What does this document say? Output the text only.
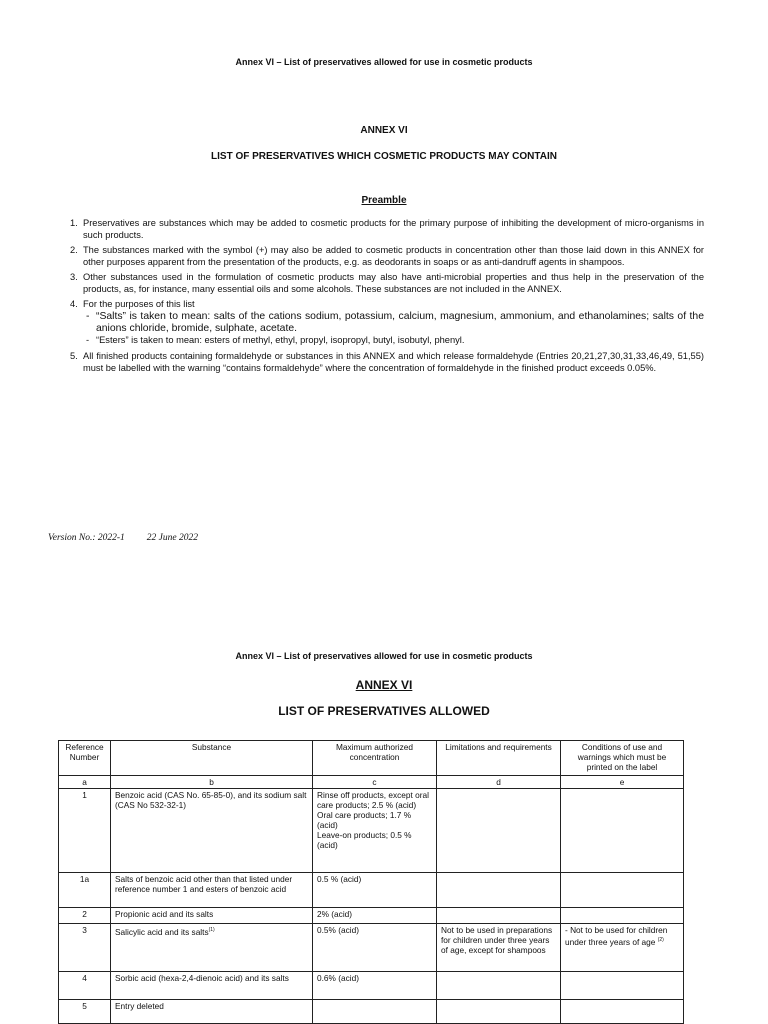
Annex VI – List of preservatives allowed for use in cosmetic products
ANNEX VI
LIST OF PRESERVATIVES WHICH COSMETIC PRODUCTS MAY CONTAIN
Preamble
1. Preservatives are substances which may be added to cosmetic products for the primary purpose of inhibiting the development of micro-organisms in such products.
2. The substances marked with the symbol (+) may also be added to cosmetic products in concentration other than those laid down in this ANNEX for other purposes apparent from the presentation of the products, e.g. as deodorants in soaps or as anti-dandruff agents in shampoos.
3. Other substances used in the formulation of cosmetic products may also have anti-microbial properties and thus help in the preservation of the products, as, for instance, many essential oils and some alcohols. These substances are not included in the ANNEX.
4. For the purposes of this list
- “Salts” is taken to mean: salts of the cations sodium, potassium, calcium, magnesium, ammonium, and ethanolamines; salts of the anions chloride, bromide, sulphate, acetate.
- “Esters” is taken to mean: esters of methyl, ethyl, propyl, isopropyl, butyl, isobutyl, phenyl.
5. All finished products containing formaldehyde or substances in this ANNEX and which release formaldehyde (Entries 20,21,27,30,31,33,46,49, 51,55) must be labelled with the warning “contains formaldehyde” where the concentration of formaldehyde in the finished product exceeds 0.05%.
Version No.: 2022-1 22 June 2022
Annex VI – List of preservatives allowed for use in cosmetic products
ANNEX VI
LIST OF PRESERVATIVES ALLOWED
Reference Number	Substance	Maximum authorized concentration	Limitations and requirements	Conditions of use and warnings which must be printed on the label
a	b	c	d	e
1	Benzoic acid (CAS No. 65-85-0), and its sodium salt (CAS No 532-32-1)	Rinse off products, except oral care products; 2.5 % (acid)

Oral care products; 1.7 % (acid)

Leave-on products; 0.5 % (acid)		

1a	Salts of benzoic acid other than that listed under reference number 1 and esters of benzoic acid	0.5 % (acid)		
2	Propionic acid and its salts	2% (acid)		
3	Salicylic acid and its salts$^{(1)}$	0.5% (acid)	Not to be used in preparations for children under three years of age, except for shampoos	- Not to be used for children under three years of age $^{(2)}$
4	Sorbic acid (hexa-2,4-dienoic acid) and its salts	0.6% (acid)		
5	Entry deleted			
